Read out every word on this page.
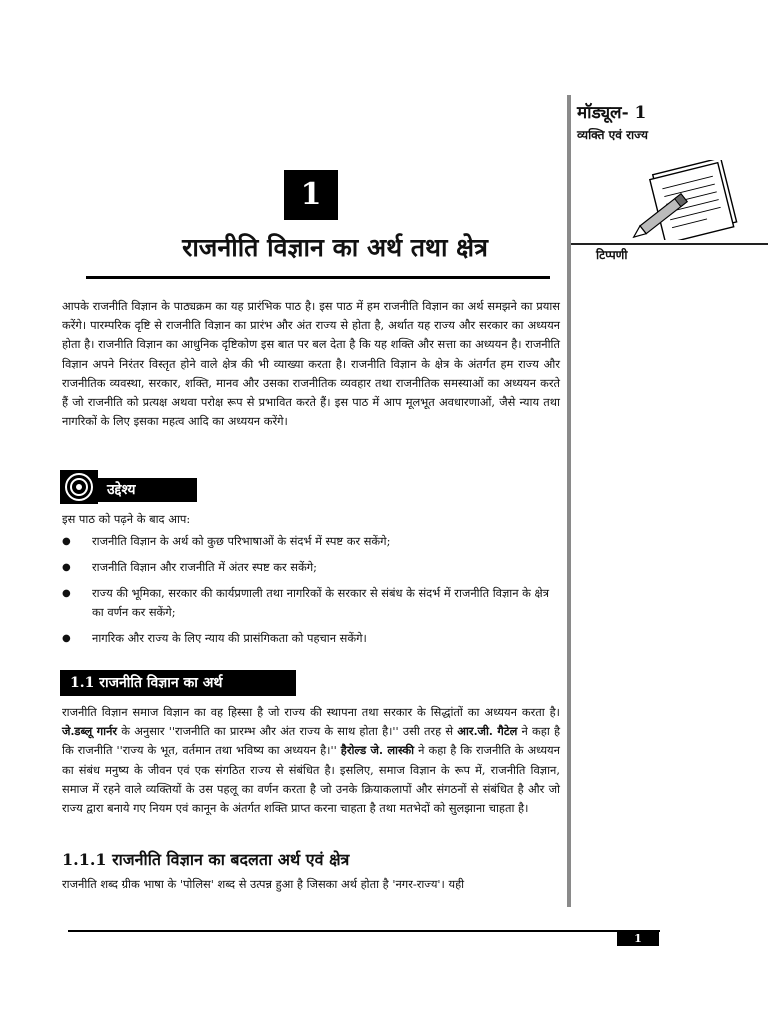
मॉड्यूल- 1
व्यक्ति एवं राज्य
टिप्पणी
1
राजनीति विज्ञान का अर्थ तथा क्षेत्र
आपके राजनीति विज्ञान के पाठ्यक्रम का यह प्रारंभिक पाठ है। इस पाठ में हम राजनीति विज्ञान का अर्थ समझने का प्रयास करेंगे। पारम्परिक दृष्टि से राजनीति विज्ञान का प्रारंभ और अंत राज्य से होता है, अर्थात यह राज्य और सरकार का अध्ययन होता है। राजनीति विज्ञान का आधुनिक दृष्टिकोण इस बात पर बल देता है कि यह शक्ति और सत्ता का अध्ययन है। राजनीति विज्ञान अपने निरंतर विस्तृत होने वाले क्षेत्र की भी व्याख्या करता है। राजनीति विज्ञान के क्षेत्र के अंतर्गत हम राज्य और राजनीतिक व्यवस्था, सरकार, शक्ति, मानव और उसका राजनीतिक व्यवहार तथा राजनीतिक समस्याओं का अध्ययन करते हैं जो राजनीति को प्रत्यक्ष अथवा परोक्ष रूप से प्रभावित करते हैं। इस पाठ में आप मूलभूत अवधारणाओं, जैसे न्याय तथा नागरिकों के लिए इसका महत्व आदि का अध्ययन करेंगे।
उद्देश्य
इस पाठ को पढ़ने के बाद आप:
● राजनीति विज्ञान के अर्थ को कुछ परिभाषाओं के संदर्भ में स्पष्ट कर सकेंगे;
● राजनीति विज्ञान और राजनीति में अंतर स्पष्ट कर सकेंगे;
● राज्य की भूमिका, सरकार की कार्यप्रणाली तथा नागरिकों के सरकार से संबंध के संदर्भ में राजनीति विज्ञान के क्षेत्र का वर्णन कर सकेंगे;
● नागरिक और राज्य के लिए न्याय की प्रासंगिकता को पहचान सकेंगे।
1.1 राजनीति विज्ञान का अर्थ
राजनीति विज्ञान समाज विज्ञान का वह हिस्सा है जो राज्य की स्थापना तथा सरकार के सिद्धांतों का अध्ययन करता है। जे.डब्लू गार्नर के अनुसार ''राजनीति का प्रारम्भ और अंत राज्य के साथ होता है।'' उसी तरह से आर.जी. गैटेल ने कहा है कि राजनीति ''राज्य के भूत, वर्तमान तथा भविष्य का अध्ययन है।'' हैरोल्ड जे. लास्की ने कहा है कि राजनीति के अध्ययन का संबंध मनुष्य के जीवन एवं एक संगठित राज्य से संबंधित है। इसलिए, समाज विज्ञान के रूप में, राजनीति विज्ञान, समाज में रहने वाले व्यक्तियों के उस पहलू का वर्णन करता है जो उनके क्रियाकलापों और संगठनों से संबंधित है और जो राज्य द्वारा बनाये गए नियम एवं कानून के अंतर्गत शक्ति प्राप्त करना चाहता है तथा मतभेदों को सुलझाना चाहता है।
1.1.1 राजनीति विज्ञान का बदलता अर्थ एवं क्षेत्र
राजनीति शब्द ग्रीक भाषा के 'पोलिस' शब्द से उत्पन्न हुआ है जिसका अर्थ होता है 'नगर-राज्य'। यही
1
